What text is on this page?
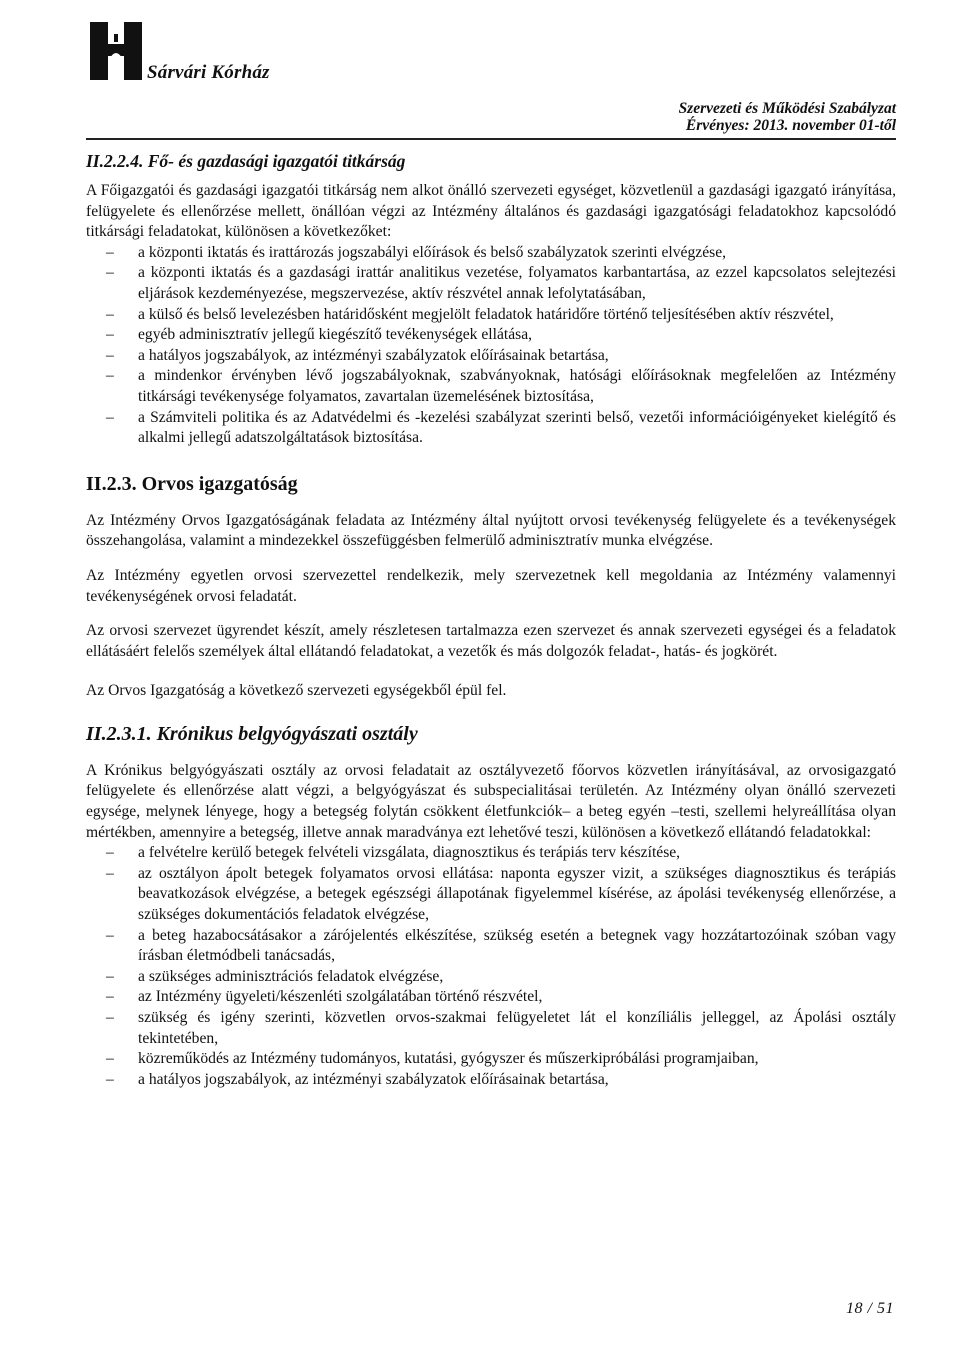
Sárvári Kórház
Szervezeti és Működési Szabályzat
Érvényes: 2013. november 01-től
II.2.2.4. Fő- és gazdasági igazgatói titkárság

A Főigazgatói és gazdasági igazgatói titkárság nem alkot önálló szervezeti egységet, közvetlenül a gazdasági igazgató irányítása, felügyelete és ellenőrzése mellett, önállóan végzi az Intézmény általános és gazdasági igazgatósági feladatokhoz kapcsolódó titkársági feladatokat, különösen a következőket:

– a központi iktatás és irattározás jogszabályi előírások és belső szabályzatok szerinti elvégzése,
– a központi iktatás és a gazdasági irattár analitikus vezetése, folyamatos karbantartása, az ezzel kapcsolatos selejtezési eljárások kezdeményezése, megszervezése, aktív részvétel annak lefolytatásában,
– a külső és belső levelezésben határidősként megjelölt feladatok határidőre történő teljesítésében aktív részvétel,
– egyéb adminisztratív jellegű kiegészítő tevékenységek ellátása,
– a hatályos jogszabályok, az intézményi szabályzatok előírásainak betartása,
– a mindenkor érvényben lévő jogszabályoknak, szabványoknak, hatósági előírásoknak megfelelően az Intézmény titkársági tevékenysége folyamatos, zavartalan üzemelésének biztosítása,
– a Számviteli politika és az Adatvédelmi és -kezelési szabályzat szerinti belső, vezetői információigényeket kielégítő és alkalmi jellegű adatszolgáltatások biztosítása.
II.2.3. Orvos igazgatóság

Az Intézmény Orvos Igazgatóságának feladata az Intézmény által nyújtott orvosi tevékenység felügyelete és a tevékenységek összehangolása, valamint a mindezekkel összefüggésben felmerülő adminisztratív munka elvégzése.

Az Intézmény egyetlen orvosi szervezettel rendelkezik, mely szervezetnek kell megoldania az Intézmény valamennyi tevékenységének orvosi feladatát.

Az orvosi szervezet ügyrendet készít, amely részletesen tartalmazza ezen szervezet és annak szervezeti egységei és a feladatok ellátásáért felelős személyek által ellátandó feladatokat, a vezetők és más dolgozók feladat-, hatás- és jogkörét.

Az Orvos Igazgatóság a következő szervezeti egységekből épül fel.

II.2.3.1. Krónikus belgyógyászati osztály

A Krónikus belgyógyászati osztály az orvosi feladatait az osztályvezető főorvos közvetlen irányításával, az orvosigazgató felügyelete és ellenőrzése alatt végzi, a belgyógyászat és subspecialitásai területén. Az Intézmény olyan önálló szervezeti egysége, melynek lényege, hogy a betegség folytán csökkent életfunkciók– a beteg egyén –testi, szellemi helyreállítása olyan mértékben, amennyire a betegség, illetve annak maradványa ezt lehetővé teszi, különösen a következő ellátandó feladatokkal:

– a felvételre kerülő betegek felvételi vizsgálata, diagnosztikus és terápiás terv készítése,
– az osztályon ápolt betegek folyamatos orvosi ellátása: naponta egyszer vizit, a szükséges diagnosztikus és terápiás beavatkozások elvégzése, a betegek egészségi állapotának figyelemmel kísérése, az ápolási tevékenység ellenőrzése, a szükséges dokumentációs feladatok elvégzése,
– a beteg hazabocsátásakor a zárójelentés elkészítése, szükség esetén a betegnek vagy hozzátartozóinak szóban vagy írásban életmódbeli tanácsadás,
– a szükséges adminisztrációs feladatok elvégzése,
– az Intézmény ügyeleti/készenléti szolgálatában történő részvétel,
– szükség és igény szerinti, közvetlen orvos-szakmai felügyeletet lát el konzíliális jelleggel, az Ápolási osztály tekintetében,
– közreműködés az Intézmény tudományos, kutatási, gyógyszer és műszerkipróbálási programjaiban,
– a hatályos jogszabályok, az intézményi szabályzatok előírásainak betartása,
18 / 51
